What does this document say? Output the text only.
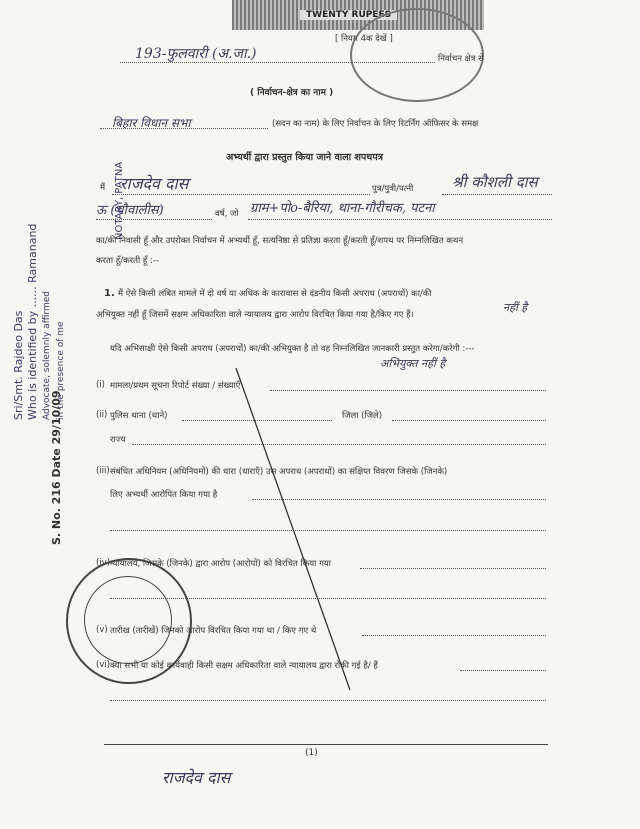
TWENTY RUPEES
[ नियम 4क देखें ]
193-फुलवारी (अ.जा.)	निर्वाचन क्षेत्र से
( निर्वाचन-क्षेत्र का नाम )
बिहार विधान सभा	(सदन का नाम) के लिए निर्वाचन के लिए रिटर्निंग ऑफिसर के समक्ष
अभ्यर्थी द्वारा प्रस्तुत किया जाने वाला शपथपत्र
मैं राजदेव दास	पुत्र/पुत्री/पत्नी	श्री कौशली दास
ऊ (चौवालीस)	वर्ष, जो ग्राम+पोo-बैरिया, थाना-गौरीचक, पटना
का/की निवासी हूँ और उपरोक्त निर्वाचन में अभ्यर्थी हूँ, सत्यनिष्ठा से प्रतिज्ञा करता हूँ/करती हूँ/शपथ पर निम्नलिखित कथन
करता हूँ/करती हूँ :--
1. मैं ऐसे किसी लंबित मामले में दो वर्ष या अधिक के कारावास से दंडनीय किसी अपराध (अपराधों) का/की
अभियुक्त नहीं हूँ जिसमें सक्षम अधिकारिता वाले न्यायालय द्वारा आरोप विरचित किया गया है/किए गए हैं।
नहीं है
यदि अभिसाक्षी ऐसे किसी अपराध (अपराधों) का/की अभियुक्त है तो वह निम्नलिखित जानकारी प्रस्तुत करेगा/करेगी :---
अभियुक्त नहीं है
(i) मामला/प्रथम सूचना रिपोर्ट संख्या / संख्याएँ
(ii) पुलिस थाना (थाने)	जिला (जिले)
राज्य
(iii) संबंधित अधिनियम (अधिनियमों) की धारा (धाराएँ) उस अपराध (अपराधों) का संक्षिप्त विवरण जिसके (जिनके)
लिए अभ्यर्थी आरोपित किया गया है
(iv) न्यायालय, जिसके (जिनके) द्वारा आरोप (आरोपों) को विरचित किया गया
(v) तारीख (तारीखें) जिनको आरोप विरचित किया गया था / किए गए थे
(vi) क्या सभी या कोई कार्यवाही किसी सक्षम अधिकारिता वाले न्यायालय द्वारा रोकी गई है/ हैं
Sri/Smt. Rajdeo Das Who is identified by ...... Ramanand Advocate, solemnly affirmed in the presence of me
NOTARY, PATNA
S. No. 216 Date 29/10/09
(1)
राजदेव दास
